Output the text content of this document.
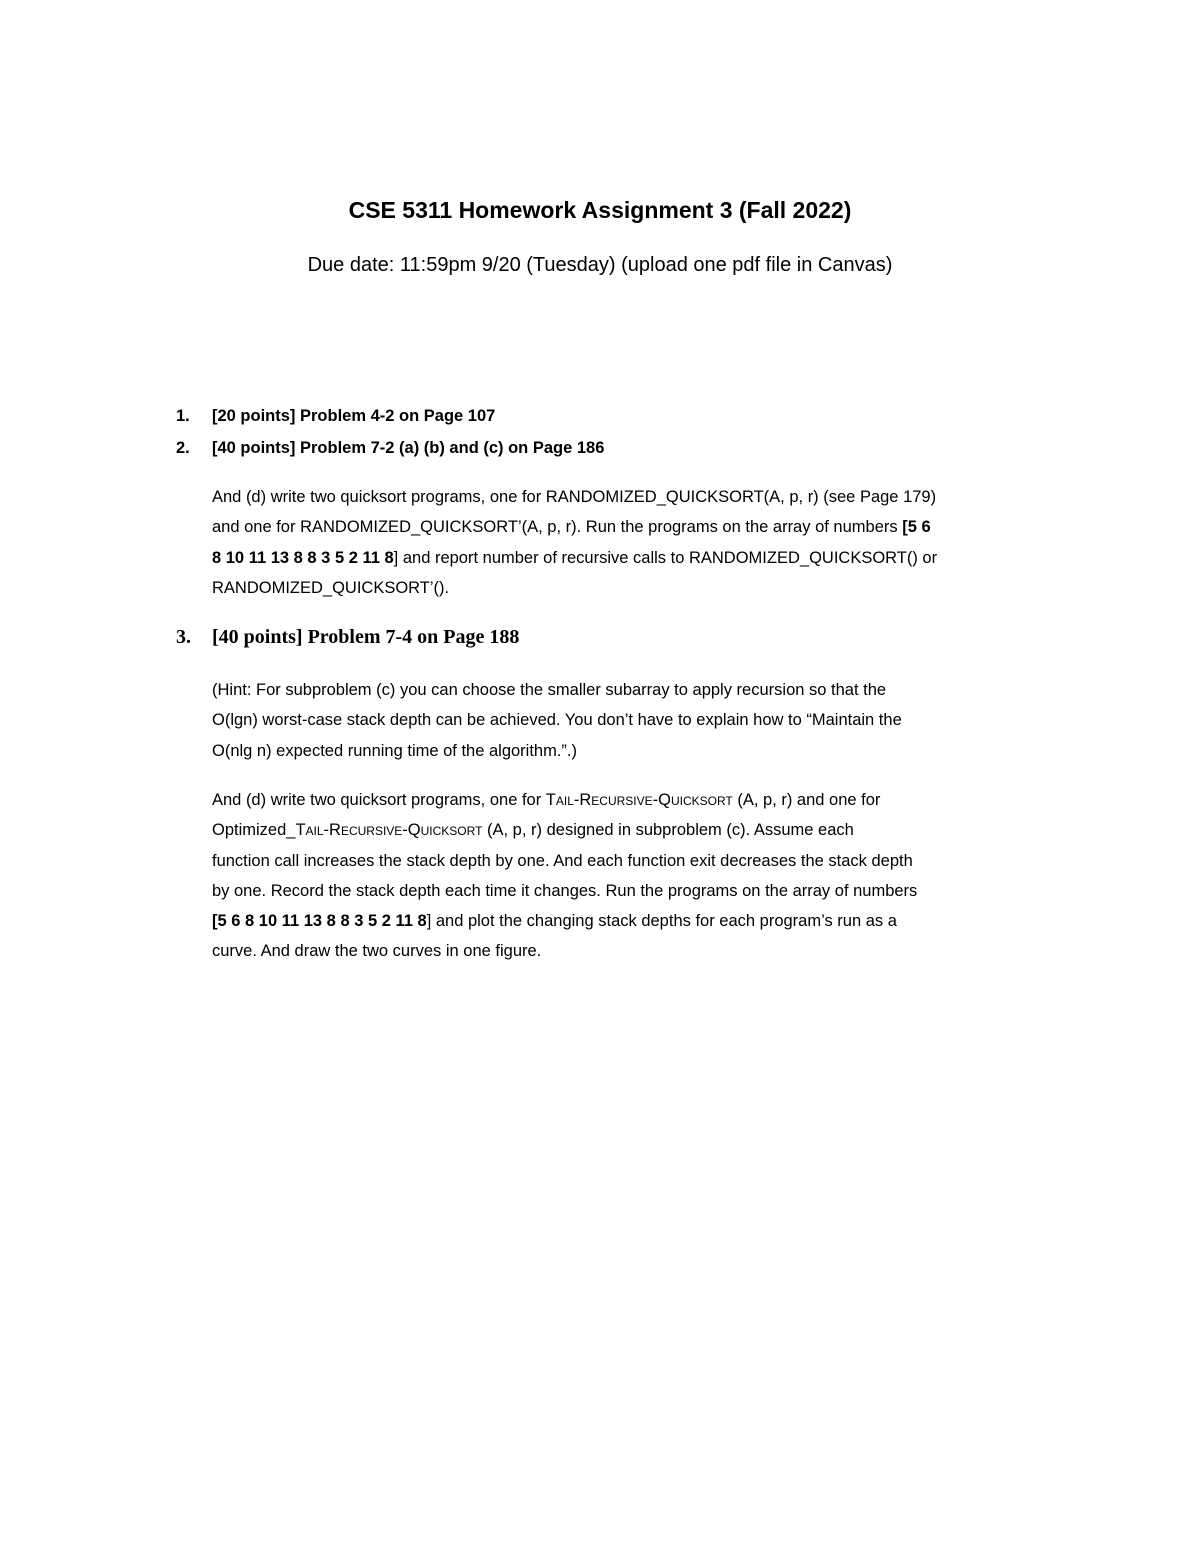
CSE 5311 Homework Assignment 3 (Fall 2022)
Due date: 11:59pm 9/20 (Tuesday) (upload one pdf file in Canvas)
1. [20 points] Problem 4-2 on Page 107
2. [40 points] Problem 7-2 (a) (b) and (c) on Page 186
And (d) write two quicksort programs, one for RANDOMIZED_QUICKSORT(A, p, r) (see Page 179)
and one for RANDOMIZED_QUICKSORT’(A, p, r). Run the programs on the array of numbers [5 6
8 10 11 13 8 8 3 5 2 11 8] and report number of recursive calls to RANDOMIZED_QUICKSORT() or
RANDOMIZED_QUICKSORT’().
3. [40 points] Problem 7-4 on Page 188
(Hint: For subproblem (c) you can choose the smaller subarray to apply recursion so that the
O(lgn) worst-case stack depth can be achieved. You don’t have to explain how to “Maintain the
O(nlg n) expected running time of the algorithm.”.)
And (d) write two quicksort programs, one for Tail-Recursive-Quicksort (A, p, r) and one for
Optimized_Tail-Recursive-Quicksort (A, p, r) designed in subproblem (c). Assume each
function call increases the stack depth by one. And each function exit decreases the stack depth
by one. Record the stack depth each time it changes. Run the programs on the array of numbers
[5 6 8 10 11 13 8 8 3 5 2 11 8] and plot the changing stack depths for each program’s run as a
curve. And draw the two curves in one figure.
